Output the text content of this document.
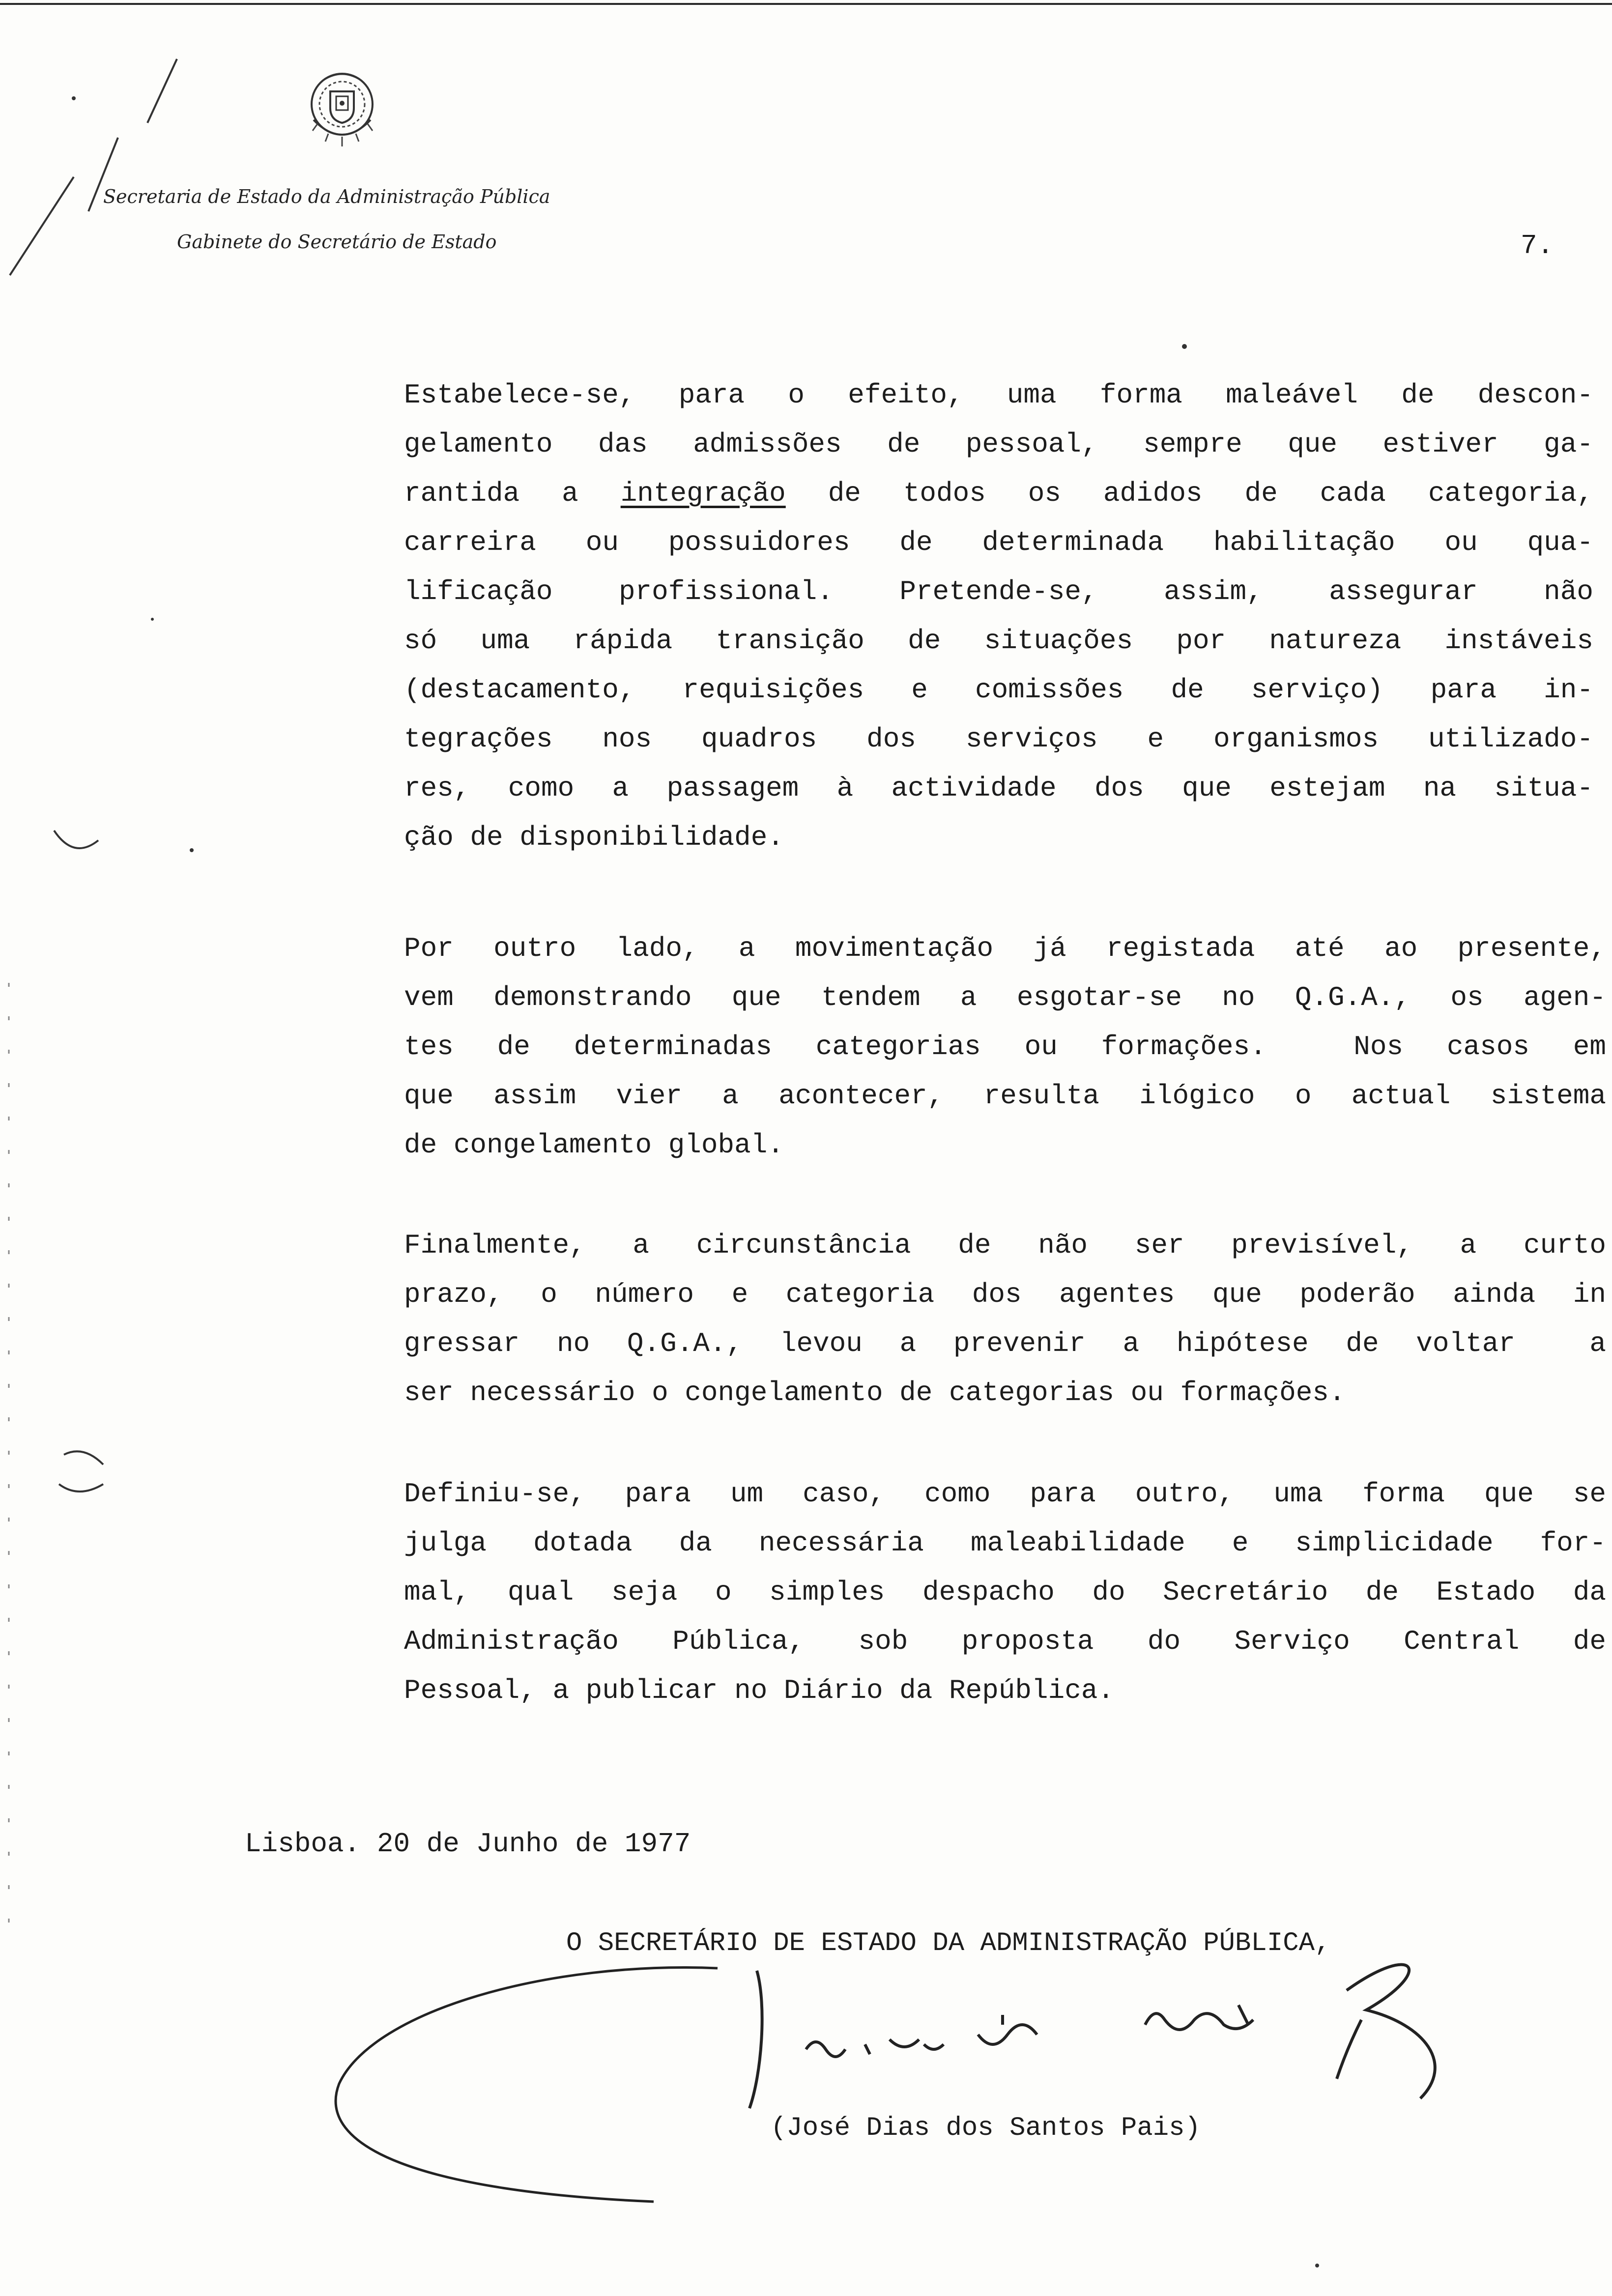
Secretaria de Estado da Administração Pública
Gabinete do Secretário de Estado	7.

Estabelece-se, para o efeito, uma forma maleável de descon-
gelamento das admissões de pessoal, sempre que estiver ga-
rantida a integração de todos os adidos de cada categoria,
carreira ou possuidores de determinada habilitação ou qua-
lificação profissional. Pretende-se, assim, assegurar não
só uma rápida transição de situações por natureza instáveis
(destacamento, requisições e comissões de serviço) para in-
tegrações nos quadros dos serviços e organismos utilizado-
res, como a passagem à actividade dos que estejam na situa-
ção de disponibilidade.

Por outro lado, a movimentação já registada até ao presente,
vem demonstrando que tendem a esgotar-se no Q.G.A., os agen-
tes de determinadas categorias ou formações.  Nos casos em
que assim vier a acontecer, resulta ilógico o actual sistema
de congelamento global.

Finalmente, a circunstância de não ser previsível, a curto
prazo, o número e categoria dos agentes que poderão ainda in
gressar no Q.G.A., levou a prevenir a hipótese de voltar  a
ser necessário o congelamento de categorias ou formações.

Definiu-se, para um caso, como para outro, uma forma que se
julga dotada da necessária maleabilidade e simplicidade for-
mal, qual seja o simples despacho do Secretário de Estado da
Administração Pública, sob proposta do Serviço Central de
Pessoal, a publicar no Diário da República.

Lisboa. 20 de Junho de 1977
O SECRETÁRIO DE ESTADO DA ADMINISTRAÇÃO PÚBLICA,
(José Dias dos Santos Pais)
